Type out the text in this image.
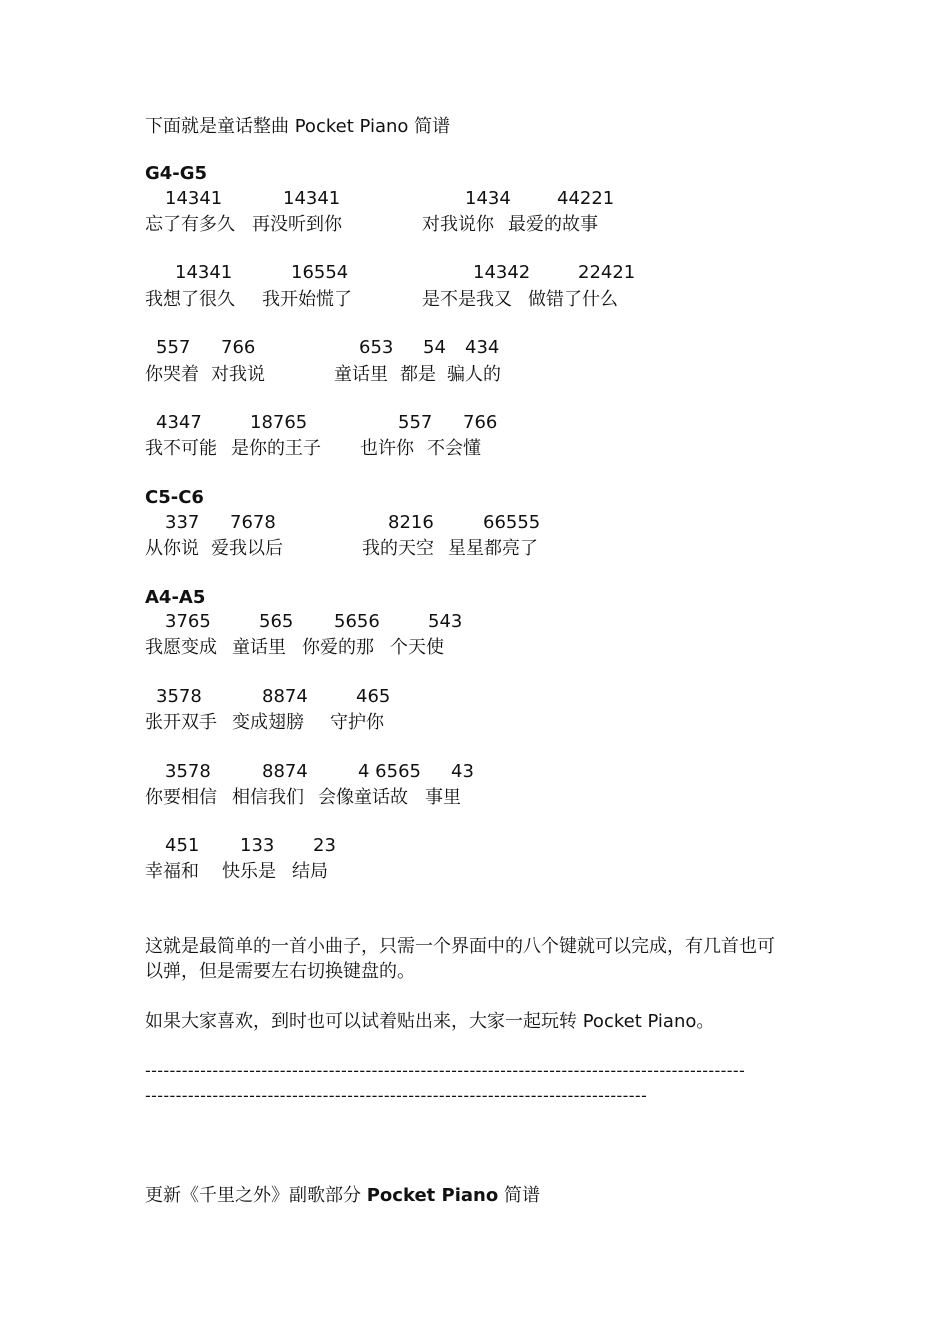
下面就是童话整曲 Pocket Piano 简谱
G4-G5
14341	14341	1434	44221
忘了有多久 再没听到你	对我说你 最爱的故事
14341	16554	14342	22421
我想了很久 我开始慌了	是不是我又 做错了什么
557 766	653 54 434
你哭着 对我说	童话里 都是 骗人的
4347	18765	557 766
我不可能 是你的王子 也许你 不会懂
C5-C6
337 7678	8216	66555
从你说 爱我以后	我的天空 星星都亮了
A4-A5
3765	565 5656	543
我愿变成 童话里 你爱的那 个天使
3578	8874	465
张开双手 变成翅膀 守护你
3578	8874	4 6565 43
你要相信 相信我们 会像童话故 事里
451 133 23
幸福和 快乐是 结局
这就是最简单的一首小曲子，只需一个界面中的八个键就可以完成，有几首也可
以弹，但是需要左右切换键盘的。
如果大家喜欢，到时也可以试着贴出来，大家一起玩转 Pocket Piano。
--------------------------------------------------------------------------------------------------
----------------------------------------------------------------------------------
更新《千里之外》副歌部分 Pocket Piano 简谱
